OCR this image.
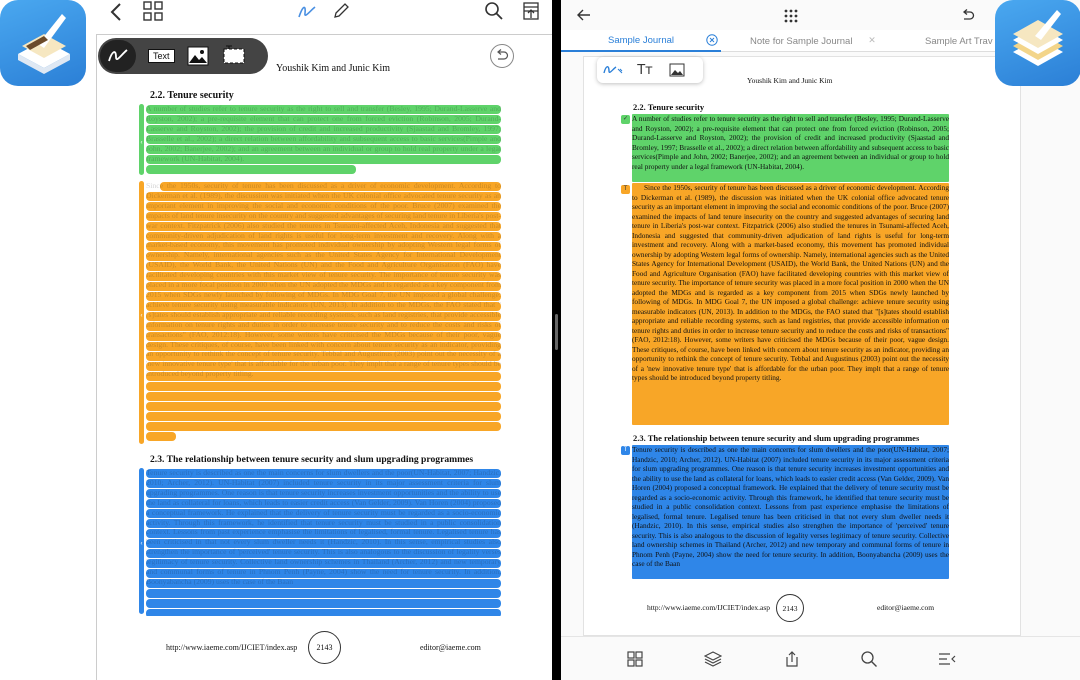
Text
Youshik Kim and Junic Kim
2.2. Tenure security
‹
A number of studies refer to tenure security as the right to sell and transfer (Besley, 1995; Durand-Lasserve and Royston, 2002); a pre-requisite element that can protect one from forced eviction (Robinson, 2005; Durand-Lasserve and Royston, 2002); the provision of credit and increased productivity (Sjaastad and Bromley, 1997; Brasselle et al., 2002); a direct relation between affordability and subsequent access to basic services(Pimple and John, 2002; Banerjee, 2002); and an agreement between an individual or group to hold real property under a legal framework (UN-Habitat, 2004).
‹
Since the 1950s, security of tenure has been discussed as a driver of economic development. According to Dickerman et al. (1989), the discussion was initiated when the UK colonial office advocated tenure security as an important element in improving the social and economic conditions of the poor. Bruce (2007) examined the impacts of land tenure insecurity on the country and suggested advantages of securing land tenure in Liberia's post-war context. Fitzpatrick (2006) also studied the tenures in Tsunami-affected Aceh, Indonesia and suggested that community-driven adjudication of land rights is useful for long-term investment and recovery. Along with a market-based economy, this movement has promoted individual ownership by adopting Western legal forms of ownership. Namely, international agencies such as the United States Agency for International Development (USAID), the World Bank, the United Nations (UN) and the Food and Agriculture Organisation (FAO) have facilitated developing countries with this market view of tenure security. The importance of tenure security was placed in a more focal position in 2000 when the UN adopted the MDGs and is regarded as a key component from 2015 when SDGs newly launched by following of MDGs. In MDG Goal 7, the UN imposed a global challenge: achieve tenure security using measurable indicators (UN, 2013). In addition to the MDGs, the FAO stated that "[s]tates should establish appropriate and reliable recording systems, such as land registries, that provide accessible information on tenure rights and duties in order to increase tenure security and to reduce the costs and risks of transactions" (FAO, 2012:18). However, some writers have criticised the MDGs because of their poor, vague design. These critiques, of course, have been linked with concern about tenure security as an indicator, providing an opportunity to rethink the concept of tenure security. Tebbal and Augustinus (2003) point out the necessity of a 'new innovative tenure type' that is affordable for the urban poor. They implt that a range of tenure types should be introduced beyond property titling.
2.3. The relationship between tenure security and slum upgrading programmes
‹
Tenure security is described as one the main concerns for slum dwellers and the poor(UN-Habitat, 2007; Handzic, 2010; Archer, 2012). UN-Habitat (2007) included tenure security in its major assessment criteria for slum upgrading programmes. One reason is that tenure security increases investment opportunities and the ability to use the land as collateral for loans, which leads to easier credit access (Van Gelder, 2009). Van Horen (2004) proposed a conceptual framework. He explained that the delivery of tenure security must be regarded as a socio-economic activity. Through this framework, he identified that tenure security must be studied in a public consolidation context. Lessons from past experience emphasise the limitations of legalised, formal tenure. Legalised tenure has been criticised in that not every slum dweller needs it (Handzic, 2010). In this sense, empirical studies also strengthen the importance of 'perceived' tenure security. This is also analogous to the discussion of legality verses legitimacy of tenure security. Collective land ownership schemes in Thailand (Archer, 2012) and new temporary and communal forms of tenure in Phnom Penh (Payne, 2004) show the need for tenure security. In addition, Boonyabancha (2009) uses the case of the Baan
http://www.iaeme.com/IJCIET/index.asp	2143	editor@iaeme.com
Sample Journal	Note for Sample Journal ✕	Sample Art Trav
Tт
Youshik Kim and Junic Kim
2.2. Tenure security
✓ A number of studies refer to tenure security as the right to sell and transfer (Besley, 1995; Durand-Lasserve and Royston, 2002); a pre-requisite element that can protect one from forced eviction (Robinson, 2005; Durand-Lasserve and Royston, 2002); the provision of credit and increased productivity (Sjaastad and Bromley, 1997; Brasselle et al., 2002); a direct relation between affordability and subsequent access to basic services(Pimple and John, 2002; Banerjee, 2002); and an agreement between an individual or group to hold real property under a legal framework (UN-Habitat, 2004).
T	Since the 1950s, security of tenure has been discussed as a driver of economic development. According to Dickerman et al. (1989), the discussion was initiated when the UK colonial office advocated tenure security as an important element in improving the social and economic conditions of the poor. Bruce (2007) examined the impacts of land tenure insecurity on the country and suggested advantages of securing land tenure in Liberia's post-war context. Fitzpatrick (2006) also studied the tenures in Tsunami-affected Aceh, Indonesia and suggested that community-driven adjudication of land rights is useful for long-term investment and recovery. Along with a market-based economy, this movement has promoted individual ownership by adopting Western legal forms of ownership. Namely, international agencies such as the United States Agency for International Development (USAID), the World Bank, the United Nations (UN) and the Food and Agriculture Organisation (FAO) have facilitated developing countries with this market view of tenure security. The importance of tenure security was placed in a more focal position in 2000 when the UN adopted the MDGs and is regarded as a key component from 2015 when SDGs newly launched by following of MDGs. In MDG Goal 7, the UN imposed a global challenge: achieve tenure security using measurable indicators (UN, 2013). In addition to the MDGs, the FAO stated that "[s]tates should establish appropriate and reliable recording systems, such as land registries, that provide accessible information on tenure rights and duties in order to increase tenure security and to reduce the costs and risks of transactions" (FAO, 2012:18). However, some writers have criticised the MDGs because of their poor, vague design. These critiques, of course, have been linked with concern about tenure security as an indicator, providing an opportunity to rethink the concept of tenure security. Tebbal and Augustinus (2003) point out the necessity of a 'new innovative tenure type' that is affordable for the urban poor. They implt that a range of tenure types should be introduced beyond property titling.
2.3. The relationship between tenure security and slum upgrading programmes
T Tenure security is described as one the main concerns for slum dwellers and the poor(UN-Habitat, 2007; Handzic, 2010; Archer, 2012). UN-Habitat (2007) included tenure security in its major assessment criteria for slum upgrading programmes. One reason is that tenure security increases investment opportunities and the ability to use the land as collateral for loans, which leads to easier credit access (Van Gelder, 2009). Van Horen (2004) proposed a conceptual framework. He explained that the delivery of tenure security must be regarded as a socio-economic activity. Through this framework, he identified that tenure security must be studied in a public consolidation context. Lessons from past experience emphasise the limitations of legalised, formal tenure. Legalised tenure has been criticised in that not every slum dweller needs it (Handzic, 2010). In this sense, empirical studies also strengthen the importance of 'perceived' tenure security. This is also analogous to the discussion of legality verses legitimacy of tenure security. Collective land ownership schemes in Thailand (Archer, 2012) and new temporary and communal forms of tenure in Phnom Penh (Payne, 2004) show the need for tenure security. In addition, Boonyabancha (2009) uses the case of the Baan
http://www.iaeme.com/IJCIET/index.asp	2143	editor@iaeme.com
